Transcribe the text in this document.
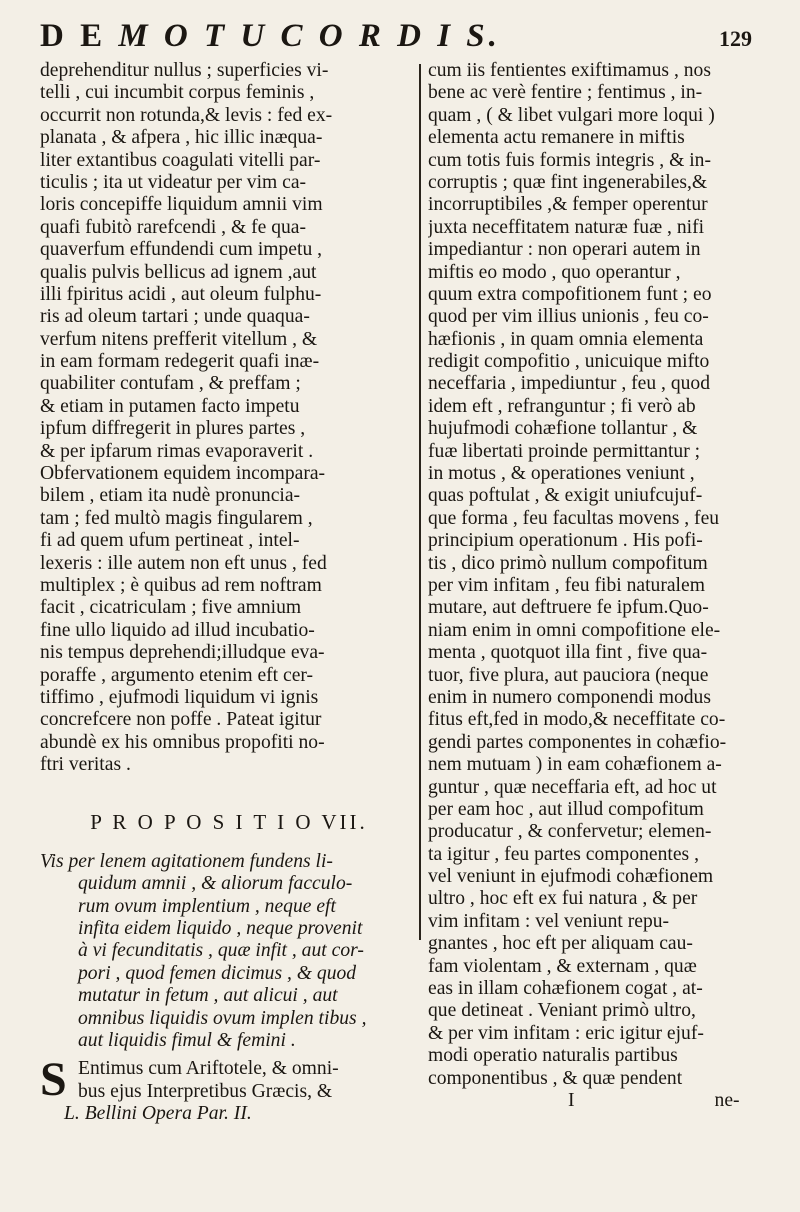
D E M O T U C O R D I S.	129
deprehenditur nullus ; superficies vi-
telli , cui incumbit corpus feminis ,
occurrit non rotunda,& levis : fed ex-
planata , & afpera , hic illic inæqua-
liter extantibus coagulati vitelli par-
ticulis ; ita ut videatur per vim ca-
loris concepiffe liquidum amnii vim
quafi fubitò rarefcendi , & fe qua-
quaverfum effundendi cum impetu ,
qualis pulvis bellicus ad ignem ,aut
illi fpiritus acidi , aut oleum fulphu-
ris ad oleum tartari ; unde quaqua-
verfum nitens prefferit vitellum , &
in eam formam redegerit quafi inæ-
quabiliter contufam , & preffam ;
& etiam in putamen facto impetu
ipfum diffregerit in plures partes ,
& per ipfarum rimas evaporaverit .
Obfervationem equidem incompara-
bilem , etiam ita nudè pronuncia-
tam ; fed multò magis fingularem ,
fi ad quem ufum pertineat , intel-
lexeris : ille autem non eft unus , fed
multiplex ; è quibus ad rem noftram
facit , cicatriculam ; five amnium
fine ullo liquido ad illud incubatio-
nis tempus deprehendi;illudque eva-
poraffe , argumento etenim eft cer-
tiffimo , ejufmodi liquidum vi ignis
concrefcere non poffe . Pateat igitur
abundè ex his omnibus propofiti no-
ftri veritas .
P R O P O S I T I O VII.
Vis per lenem agitationem fundens li-
quidum amnii , & aliorum facculo-
rum ovum implentium , neque eft
infita eidem liquido , neque provenit
à vi fecunditatis , quæ infit , aut cor-
pori , quod femen dicimus , & quod
mutatur in fetum , aut alicui , aut
omnibus liquidis ovum implen tibus ,
aut liquidis fimul & femini .
S Entimus cum Ariftotele, & omni-
bus ejus Interpretibus Græcis, &
L. Bellini Opera Par. II.
cum iis fentientes exiftimamus , nos
bene ac verè fentire ; fentimus , in-
quam , ( & libet vulgari more loqui )
elementa actu remanere in miftis
cum totis fuis formis integris , & in-
corruptis ; quæ fint ingenerabiles,&
incorruptibiles ,& femper operentur
juxta neceffitatem naturæ fuæ , nifi
impediantur : non operari autem in
miftis eo modo , quo operantur ,
quum extra compofitionem funt ; eo
quod per vim illius unionis , feu co-
hæfionis , in quam omnia elementa
redigit compofitio , unicuique mifto
neceffaria , impediuntur , feu , quod
idem eft , refranguntur ; fi verò ab
hujufmodi cohæfione tollantur , &
fuæ libertati proinde permittantur ;
in motus , & operationes veniunt ,
quas poftulat , & exigit uniufcujuf-
que forma , feu facultas movens , feu
principium operationum . His pofi-
tis , dico primò nullum compofitum
per vim infitam , feu fibi naturalem
mutare, aut deftruere fe ipfum.Quo-
niam enim in omni compofitione ele-
menta , quotquot illa fint , five qua-
tuor, five plura, aut pauciora (neque
enim in numero componendi modus
fitus eft,fed in modo,& neceffitate co-
gendi partes componentes in cohæfio-
nem mutuam ) in eam cohæfionem a-
guntur , quæ neceffaria eft, ad hoc ut
per eam hoc , aut illud compofitum
producatur , & confervetur; elemen-
ta igitur , feu partes componentes ,
vel veniunt in ejufmodi cohæfionem
ultro , hoc eft ex fui natura , & per
vim infitam : vel veniunt repu-
gnantes , hoc eft per aliquam cau-
fam violentam , & externam , quæ
eas in illam cohæfionem cogat , at-
que detineat . Veniant primò ultro,
& per vim infitam : eric igitur ejuf-
modi operatio naturalis partibus
componentibus , & quæ pendent
I	ne-
